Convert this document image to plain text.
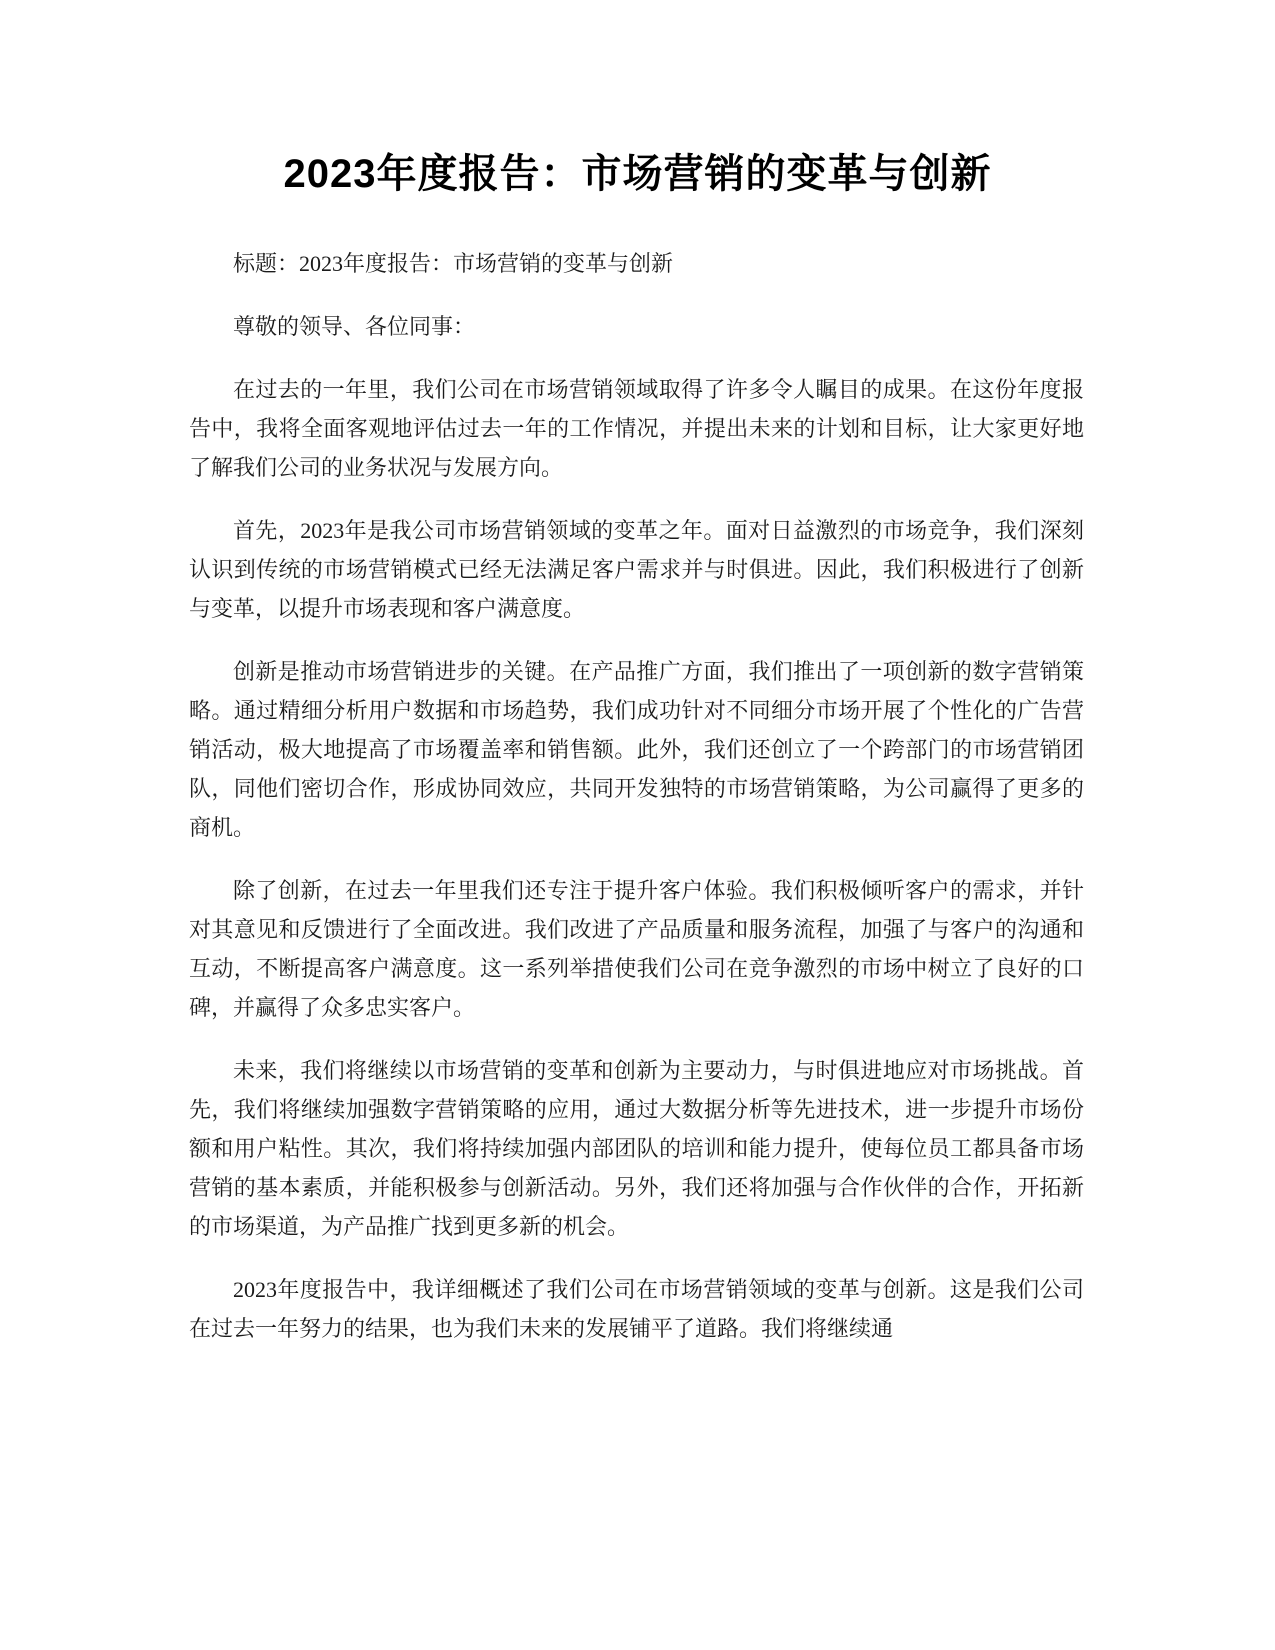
2023年度报告：市场营销的变革与创新

标题：2023年度报告：市场营销的变革与创新

尊敬的领导、各位同事：

在过去的一年里，我们公司在市场营销领域取得了许多令人瞩目的成果。在这份年度报告中，我将全面客观地评估过去一年的工作情况，并提出未来的计划和目标，让大家更好地了解我们公司的业务状况与发展方向。

首先，2023年是我公司市场营销领域的变革之年。面对日益激烈的市场竞争，我们深刻认识到传统的市场营销模式已经无法满足客户需求并与时俱进。因此，我们积极进行了创新与变革，以提升市场表现和客户满意度。

创新是推动市场营销进步的关键。在产品推广方面，我们推出了一项创新的数字营销策略。通过精细分析用户数据和市场趋势，我们成功针对不同细分市场开展了个性化的广告营销活动，极大地提高了市场覆盖率和销售额。此外，我们还创立了一个跨部门的市场营销团队，同他们密切合作，形成协同效应，共同开发独特的市场营销策略，为公司赢得了更多的商机。

除了创新，在过去一年里我们还专注于提升客户体验。我们积极倾听客户的需求，并针对其意见和反馈进行了全面改进。我们改进了产品质量和服务流程，加强了与客户的沟通和互动，不断提高客户满意度。这一系列举措使我们公司在竞争激烈的市场中树立了良好的口碑，并赢得了众多忠实客户。

未来，我们将继续以市场营销的变革和创新为主要动力，与时俱进地应对市场挑战。首先，我们将继续加强数字营销策略的应用，通过大数据分析等先进技术，进一步提升市场份额和用户粘性。其次，我们将持续加强内部团队的培训和能力提升，使每位员工都具备市场营销的基本素质，并能积极参与创新活动。另外，我们还将加强与合作伙伴的合作，开拓新的市场渠道，为产品推广找到更多新的机会。

2023年度报告中，我详细概述了我们公司在市场营销领域的变革与创新。这是我们公司在过去一年努力的结果，也为我们未来的发展铺平了道路。我们将继续通
